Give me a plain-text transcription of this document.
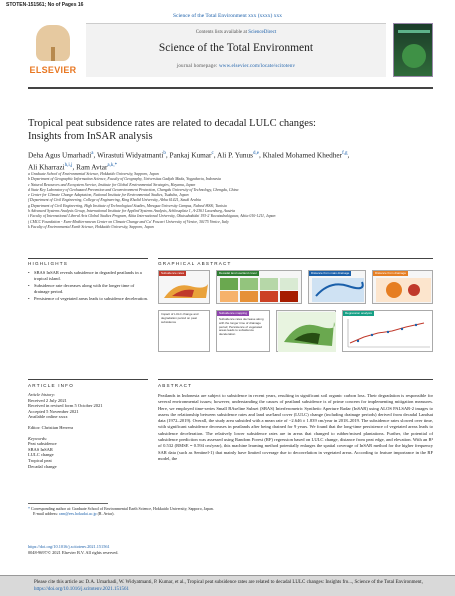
STOTEN-151561; No of Pages 16
Science of the Total Environment xxx (xxxx) xxx
ELSEVIER
Contents lists available at ScienceDirect
Science of the Total Environment
journal homepage: www.elsevier.com/locate/scitotenv
Tropical peat subsidence rates are related to decadal LULC changes:
Insights from InSAR analysis
Deha Agus Umarhadi$^a$, Wirastuti Widyatmanti$^b$, Pankaj Kumar$^c$, Ali P. Yunus$^{d,e}$, Khaled Mohamed Khedher$^{f,g}$,
Ali Kharrazi$^{h,i,j}$, Ram Avtar$^{a,k,*}$
a Graduate School of Environmental Science, Hokkaido University, Sapporo, Japan
b Department of Geographic Information Science, Faculty of Geography, Universitas Gadjah Mada, Yogyakarta, Indonesia
c Natural Resources and Ecosystem Service, Institute for Global Environmental Strategies, Hayama, Japan
d State Key Laboratory of Geohazard Prevention and Geoenvironment Protection, Chengdu University of Technology, Chengdu, China
e Center for Climate Change Adaptation, National Institute for Environmental Studies, Tsukuba, Japan
f Department of Civil Engineering, College of Engineering, King Khalid University, Abha 61421, Saudi Arabia
g Department of Civil Engineering, High Institute of Technological Studies, Mrezgua University Campus, Nabeul 8000, Tunisia
h Advanced Systems Analysis Group, International Institute for Applied Systems Analysis, Schlossplatz 1, A-2361 Laxenburg, Austria
i Faculty of International Liberal Arts Global Studies Program, Akita International University, Okutsubakidai 193-2 Yuwatsubakigawa, Akita 010-1211, Japan
j CMCC Foundation - Euro-Mediterranean Center on Climate Change and Ca' Foscari University of Venice, 30175 Venice, Italy
k Faculty of Environmental Earth Science, Hokkaido University, Sapporo, Japan
HIGHLIGHTS	GRAPHICAL ABSTRACT
• SBAS InSAR reveals subsidence in degraded peatlands in a tropical island.
• Subsidence rate decreases along with the longer time of drainage period.
• Persistence of vegetated areas leads to subsidence deceleration.
Subsidence rates	Decadal land use/land cover	Distance from main drainage	Distance from drainage
Impact of LULC change and degradation period on peat subsidence
Subsidence mapping
Subsidence rates decrease along with the longer time of drainage period; Persistence of vegetated areas leads to subsidence deceleration
Regression analysis
ARTICLE INFO	ABSTRACT
Article history:
Received 2 July 2021
Received in revised form 5 October 2021
Accepted 5 November 2021
Available online xxxx
Editor: Christian Herrera
Keywords:
Peat subsidence
SBAS InSAR
LULC change
Tropical peat
Decadal change
Peatlands in Indonesia are subject to subsidence in recent years, resulting in significant soil organic carbon loss. Their degradation is responsible for several environmental issues; however, understanding the causes of peatland subsidence is of prime concern for implementing mitigation measures. Here, we employed time-series Small BAseline Subset (SBAS) Interferometric Synthetic Aperture Radar (InSAR) using ALOS PALSAR-2 images to assess the relationship between subsidence rates and land use/land cover (LULC) change (including drainage periods) derived from decadal Landsat data (1972–2019). Overall, the study area subsided with a mean rate of −2.646 ± 1.839 cm/year in 2018–2019. The subsidence rates slowed over time, with significant subsidence decreases in peatlands after being drained for 9 years. We found that the long-time persistence of vegetated areas leads to subsidence deceleration. The relatively lower subsidence rates are in areas that changed to rubber/mixed plantations. Further, the potential of subsidence prediction was assessed using Random Forest (RF) regression based on LULC change, distance from peat edge, and elevation. With an R² of 0.532 (RMSE = 0.594 cm/year), this machine learning method potentially enlarges the spatial coverage of InSAR method for the higher frequency SAR data (such as Sentinel-1) that mainly have limited coverage due to decorrelation in vegetated areas. According to feature importance in the RF model, the
* Corresponding author at: Graduate School of Environmental Earth Science, Hokkaido University, Sapporo, Japan.
E-mail address: ram@ees.hokudai.ac.jp (R. Avtar).
https://doi.org/10.1016/j.scitotenv.2021.151561
0048-9697/© 2021 Elsevier B.V. All rights reserved.
Please cite this article as: D.A. Umarhadi, W. Widyatmanti, P. Kumar, et al., Tropical peat subsidence rates are related to decadal LULC changes: Insights fro..., Science of the Total Environment, https://doi.org/10.1016/j.scitotenv.2021.151561
